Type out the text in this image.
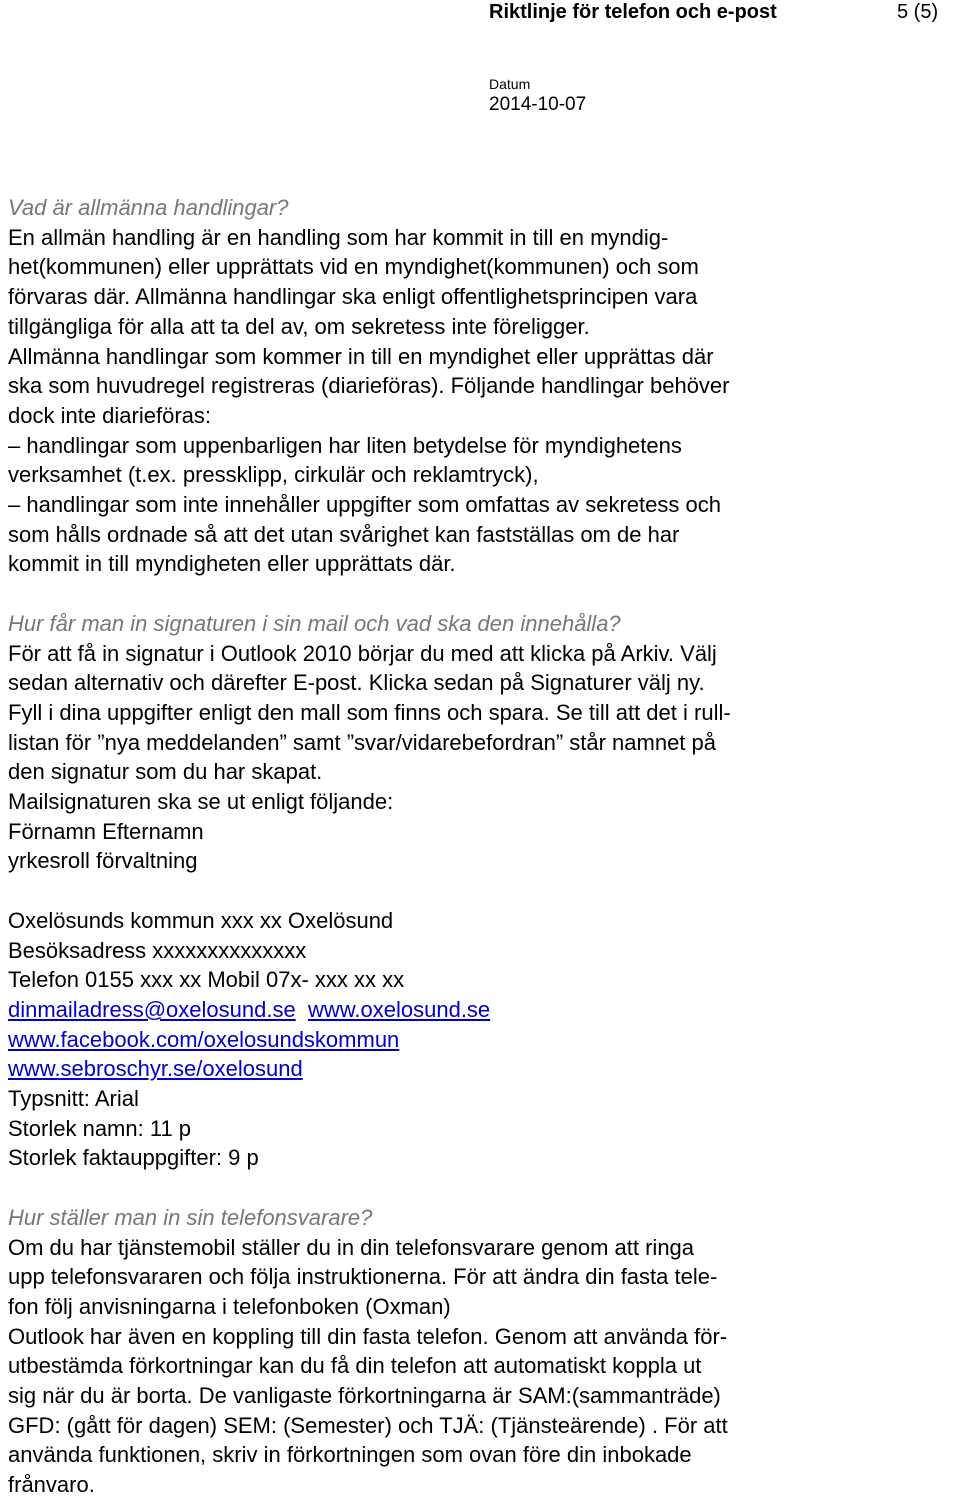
Riktlinje för telefon och e-post	5 (5)
Datum
2014-10-07

Vad är allmänna handlingar?

En allmän handling är en handling som har kommit in till en myndig-

het(kommunen) eller upprättats vid en myndighet(kommunen) och som

förvaras där. Allmänna handlingar ska enligt offentlighetsprincipen vara

tillgängliga för alla att ta del av, om sekretess inte föreligger.

Allmänna handlingar som kommer in till en myndighet eller upprättas där

ska som huvudregel registreras (diarieföras). Följande handlingar behöver

dock inte diarieföras:

– handlingar som uppenbarligen har liten betydelse för myndighetens

verksamhet (t.ex. pressklipp, cirkulär och reklamtryck),

– handlingar som inte innehåller uppgifter som omfattas av sekretess och

som hålls ordnade så att det utan svårighet kan fastställas om de har

kommit in till myndigheten eller upprättats där.

Hur får man in signaturen i sin mail och vad ska den innehålla?

För att få in signatur i Outlook 2010 börjar du med att klicka på Arkiv. Välj

sedan alternativ och därefter E-post. Klicka sedan på Signaturer välj ny.

Fyll i dina uppgifter enligt den mall som finns och spara. Se till att det i rull-

listan för ”nya meddelanden” samt ”svar/vidarebefordran” står namnet på

den signatur som du har skapat.

Mailsignaturen ska se ut enligt följande:

Förnamn Efternamn

yrkesroll förvaltning

Oxelösunds kommun xxx xx Oxelösund

Besöksadress xxxxxxxxxxxxxx

Telefon 0155 xxx xx Mobil 07x- xxx xx xx

dinmailadress@oxelosund.se www.oxelosund.se

www.facebook.com/oxelosundskommun

www.sebroschyr.se/oxelosund

Typsnitt: Arial

Storlek namn: 11 p

Storlek faktauppgifter: 9 p

Hur ställer man in sin telefonsvarare?

Om du har tjänstemobil ställer du in din telefonsvarare genom att ringa

upp telefonsvararen och följa instruktionerna. För att ändra din fasta tele-

fon följ anvisningarna i telefonboken (Oxman)

Outlook har även en koppling till din fasta telefon. Genom att använda för-

utbestämda förkortningar kan du få din telefon att automatiskt koppla ut

sig när du är borta. De vanligaste förkortningarna är SAM:(sammanträde)

GFD: (gått för dagen) SEM: (Semester) och TJÄ: (Tjänsteärende) . För att

använda funktionen, skriv in förkortningen som ovan före din inbokade

frånvaro.
